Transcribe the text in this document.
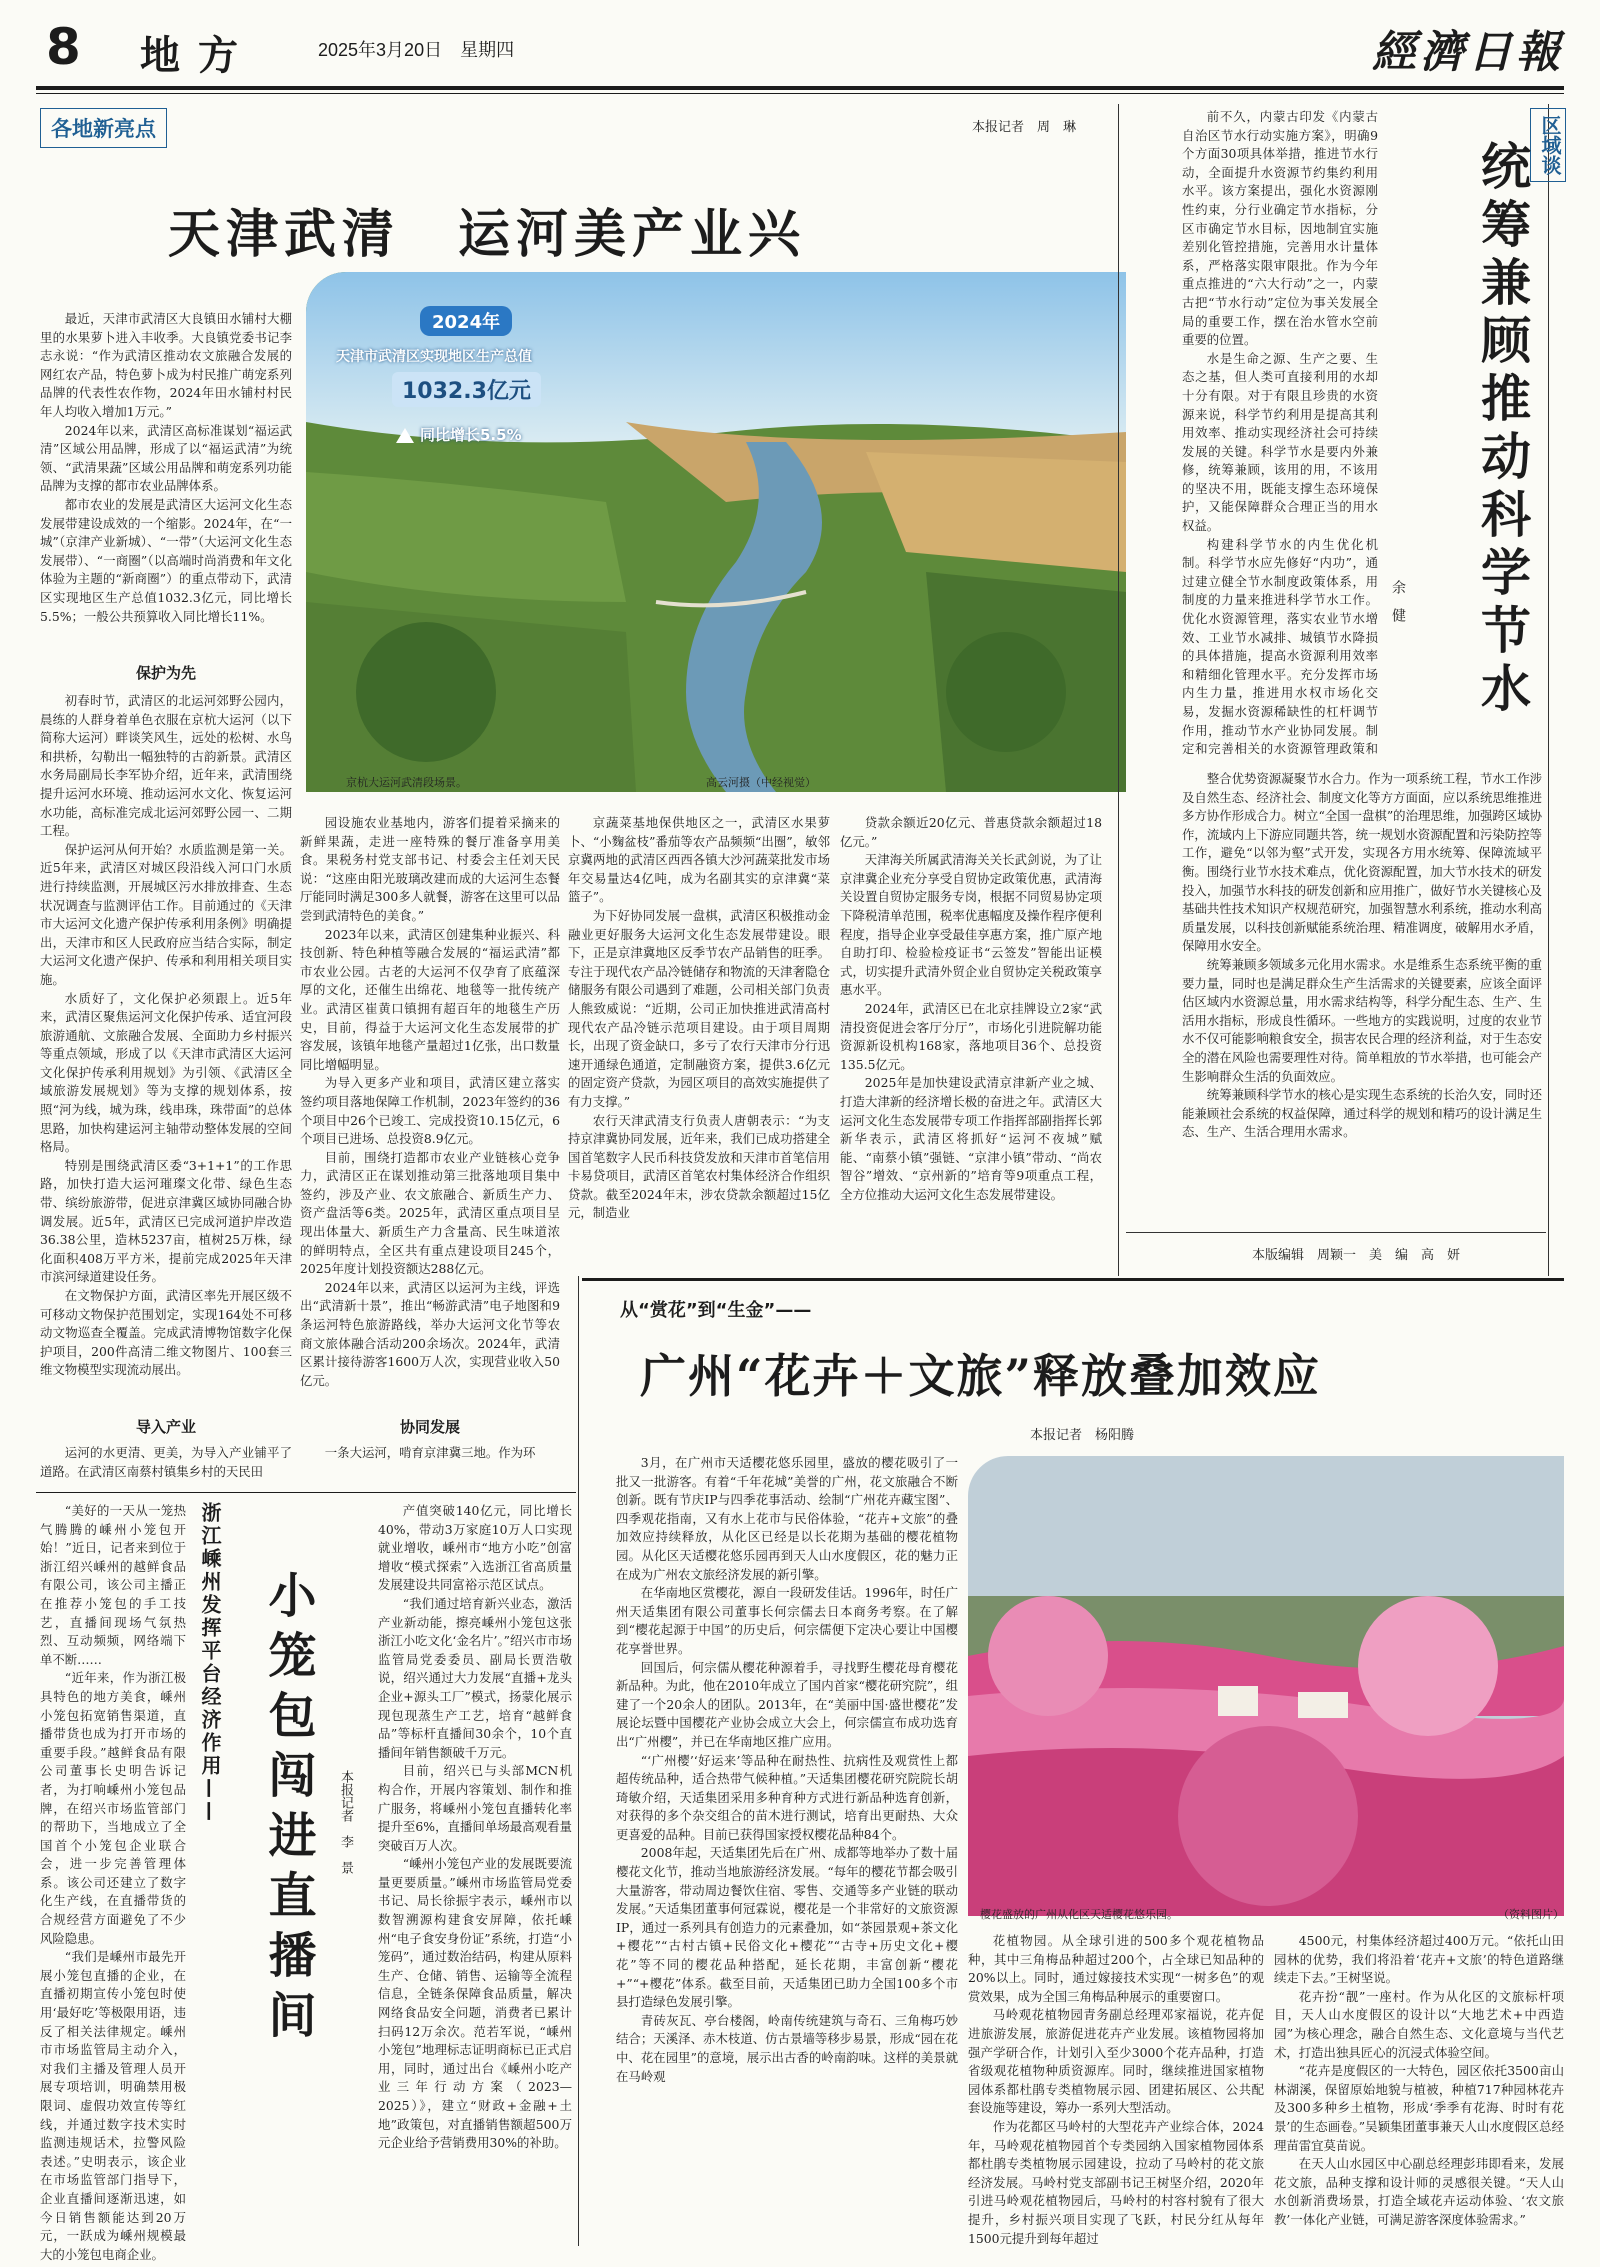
8 地方	2025年3月20日　星期四	經濟日報
各地新亮点	本报记者　周　琳
天津武清　运河美产业兴
2024年
天津市武清区实现地区生产总值
1032.3亿元
同比增长5.5%
京杭大运河武清段场景。	高云河摄（中经视觉）

最近，天津市武清区大良镇田水铺村大棚里的水果萝卜进入丰收季。大良镇党委书记李志永说：“作为武清区推动农文旅融合发展的网红农产品，特色萝卜成为村民推广萌宠系列品牌的代表性农作物，2024年田水铺村村民年人均收入增加1万元。”

2024年以来，武清区高标准谋划“福运武清”区域公用品牌，形成了以“福运武清”为统领、“武清果蔬”区域公用品牌和萌宠系列功能品牌为支撑的都市农业品牌体系。

都市农业的发展是武清区大运河文化生态发展带建设成效的一个缩影。2024年，在“一城”（京津产业新城）、“一带”（大运河文化生态发展带）、“一商圈”（以高端时尚消费和年文化体验为主题的“新商圈”）的重点带动下，武清区实现地区生产总值1032.3亿元，同比增长5.5%；一般公共预算收入同比增长11%。

保护为先

初春时节，武清区的北运河郊野公园内，晨练的人群身着单色衣服在京杭大运河（以下简称大运河）畔谈笑风生，远处的松树、水鸟和拱桥，勾勒出一幅独特的古韵新景。武清区水务局副局长李军协介绍，近年来，武清围绕提升运河水环境、推动运河水文化、恢复运河水功能，高标准完成北运河郊野公园一、二期工程。

保护运河从何开始？水质监测是第一关。近5年来，武清区对城区段沿线入河口门水质进行持续监测，开展城区污水排放排查、生态状况调查与监测评估工作。目前通过的《天津市大运河文化遗产保护传承利用条例》明确提出，天津市和区人民政府应当结合实际，制定大运河文化遗产保护、传承和利用相关项目实施。

水质好了，文化保护必须跟上。近5年来，武清区聚焦运河文化保护传承、适宜河段旅游通航、文旅融合发展、全面助力乡村振兴等重点领域，形成了以《天津市武清区大运河文化保护传承利用规划》为引领、《武清区全域旅游发展规划》等为支撑的规划体系，按照“河为线，城为珠，线串珠，珠带面”的总体思路，加快构建运河主轴带动整体发展的空间格局。

特别是围绕武清区委“3+1+1”的工作思路，加快打造大运河璀璨文化带、绿色生态带、缤纷旅游带，促进京津冀区域协同融合协调发展。近5年，武清区已完成河道护岸改造36.38公里，造林5237亩，植树25万株，绿化面积408万平方米，提前完成2025年天津市滨河绿道建设任务。

在文物保护方面，武清区率先开展区级不可移动文物保护范围划定，实现164处不可移动文物巡查全覆盖。完成武清博物馆数字化保护项目，200件高清二维文物图片、100套三维文物模型实现流动展出。

导入产业

运河的水更清、更美，为导入产业铺平了道路。在武清区南蔡村镇集乡村的天民田

园设施农业基地内，游客们提着采摘来的新鲜果蔬，走进一座特殊的餐厅准备享用美食。果税务村党支部书记、村委会主任刘天民说：“这座由阳光玻璃改建而成的大运河生态餐厅能同时满足300多人就餐，游客在这里可以品尝到武清特色的美食。”

2023年以来，武清区创建集种业振兴、科技创新、特色种植等融合发展的“福运武清”都市农业公园。古老的大运河不仅孕育了底蕴深厚的文化，还催生出绵花、地毯等一批传统产业。武清区崔黄口镇拥有超百年的地毯生产历史，目前，得益于大运河文化生态发展带的扩容发展，该镇年地毯产量超过1亿张，出口数量同比增幅明显。

为导入更多产业和项目，武清区建立落实签约项目落地保障工作机制，2023年签约的36个项目中26个已竣工、完成投资10.15亿元，6个项目已进场、总投资8.9亿元。

目前，围绕打造都市农业产业链核心竞争力，武清区正在谋划推动第三批落地项目集中签约，涉及产业、农文旅融合、新质生产力、资产盘活等6类。2025年，武清区重点项目呈现出体量大、新质生产力含量高、民生味道浓的鲜明特点，全区共有重点建设项目245个，2025年度计划投资额达288亿元。

2024年以来，武清区以运河为主线，评选出“武清新十景”，推出“畅游武清”电子地图和9条运河特色旅游路线，举办大运河文化节等农商文旅体融合活动200余场次。2024年，武清区累计接待游客1600万人次，实现营业收入50亿元。

协同发展

一条大运河，啃育京津冀三地。作为环

京蔬菜基地保供地区之一，武清区水果萝卜、“小麴盆枝”番茄等农产品频频“出圈”，敏邻京冀两地的武清区西西各镇大沙河蔬菜批发市场年交易量达4亿吨，成为名副其实的京津冀“菜篮子”。

为下好协同发展一盘棋，武清区积极推动金融业更好服务大运河文化生态发展带建设。眼下，正是京津冀地区反季节农产品销售的旺季。专注于现代农产品冷链储存和物流的天津奢隐仓储服务有限公司遇到了难题，公司相关部门负责人熊致威说：“近期，公司正加快推进武清高村现代农产品冷链示范项目建设。由于项目周期长，出现了资金缺口，多亏了农行天津市分行迅速开通绿色通道，定制融资方案，提供3.6亿元的固定资产贷款，为园区项目的高效实施提供了有力支撑。”

农行天津武清支行负责人唐朝表示：“为支持京津冀协同发展，近年来，我们已成功搭建全国首笔数字人民币科技贷发放和天津市首笔信用卡易贷项目，武清区首笔农村集体经济合作组织贷款。截至2024年末，涉农贷款余额超过15亿元，制造业

贷款余额近20亿元、普惠贷款余额超过18亿元。”

天津海关所属武清海关关长武剑说，为了让京津冀企业充分享受自贸协定政策优惠，武清海关设置自贸协定服务专岗，根据不同贸易协定项下降税清单范围，税率优惠幅度及操作程序便利程度，指导企业享受最佳享惠方案，推广原产地自助打印、检验检疫证书“云签发”智能出证模式，切实提升武清外贸企业自贸协定关税政策享惠水平。

2024年，武清区已在北京挂牌设立2家“武清投资促进会客厅分厅”，市场化引进院解功能资源新设机构168家，落地项目36个、总投资135.5亿元。

2025年是加快建设武清京津新产业之城、打造大津新的经济增长极的奋进之年。武清区大运河文化生态发展带专项工作指挥部副指挥长郭新华表示，武清区将抓好“运河不夜城”赋能、“南蔡小镇”强链、“京津小镇”带动、“尚农智谷”增效、“京州新的”培育等9项重点工程，全方位推动大运河文化生态发展带建设。

区域谈
统筹兼顾推动科学节水
余　健

前不久，内蒙古印发《内蒙古自治区节水行动实施方案》，明确9个方面30项具体举措，推进节水行动，全面提升水资源节约集约利用水平。该方案提出，强化水资源刚性约束，分行业确定节水指标，分区市确定节水目标，因地制宜实施差别化管控措施，完善用水计量体系，严格落实限审限批。作为今年重点推进的“六大行动”之一，内蒙古把“节水行动”定位为事关发展全局的重要工作，摆在治水管水空前重要的位置。

水是生命之源、生产之要、生态之基，但人类可直接利用的水却十分有限。对于有限且珍贵的水资源来说，科学节约利用是提高其利用效率、推动实现经济社会可持续发展的关键。科学节水是要内外兼修，统筹兼顾，该用的用，不该用的坚决不用，既能支撑生态环境保护，又能保障群众合理正当的用水权益。

构建科学节水的内生优化机制。科学节水应先修好“内功”，通过建立健全节水制度政策体系，用制度的力量来推进科学节水工作。优化水资源管理，落实农业节水增效、工业节水减排、城镇节水降损的具体措施，提高水资源利用效率和精细化管理水平。充分发挥市场内生力量，推进用水权市场化交易，发掘水资源稀缺性的杠杆调节作用，推动节水产业协同发展。制定和完善相关的水资源管理政策和

整合优势资源凝聚节水合力。作为一项系统工程，节水工作涉及自然生态、经济社会、制度文化等方方面面，应以系统思维推进多方协作形成合力。树立“全国一盘棋”的治理思维，加强跨区域协作，流域内上下游应同题共答，统一规划水资源配置和污染防控等工作，避免“以邻为壑”式开发，实现各方用水统筹、保障流域平衡。围绕行业节水技术难点，优化资源配置，加大节水技术的研发投入，加强节水科技的研发创新和应用推广，做好节水关键核心及基础共性技术知识产权规范研究，加强智慧水利系统，推动水利高质量发展，以科技创新赋能系统治理、精准调度，破解用水矛盾，保障用水安全。

统筹兼顾多领域多元化用水需求。水是维系生态系统平衡的重要力量，同时也是满足群众生产生活需求的关键要素，应该全面评估区域内水资源总量，用水需求结构等，科学分配生态、生产、生活用水指标，形成良性循环。一些地方的实践说明，过度的农业节水不仅可能影响粮食安全，损害农民合理的经济利益，对于生态安全的潜在风险也需要理性对待。简单粗放的节水举措，也可能会产生影响群众生活的负面效应。

统筹兼顾科学节水的核心是实现生态系统的长治久安，同时还能兼顾社会系统的权益保障，通过科学的规划和精巧的设计满足生态、生产、生活合理用水需求。

本版编辑　周颖一　美　编　高　妍
浙江嵊州发挥平台经济作用—— 小笼包闯进直播间	本报记者　李　景

“美好的一天从一笼热气腾腾的嵊州小笼包开始！”近日，记者来到位于浙江绍兴嵊州的越鲜食品有限公司，该公司主播正在推荐小笼包的手工技艺，直播间现场气氛热烈、互动频频，网络端下单不断……

“近年来，作为浙江极具特色的地方美食，嵊州小笼包拓宽销售渠道，直播带货也成为打开市场的重要手段。”越鲜食品有限公司董事长史明告诉记者，为打响嵊州小笼包品牌，在绍兴市场监管部门的帮助下，当地成立了全国首个小笼包企业联合会，进一步完善管理体系。该公司还建立了数字化生产线，在直播带货的合规经营方面避免了不少风险隐患。

“我们是嵊州市最先开展小笼包直播的企业，在直播初期宣传小笼包时使用‘最好吃’等极限用语，违反了相关法律规定。嵊州市市场监管局主动介入，对我们主播及管理人员开展专项培训，明确禁用极限词、虚假功效宣传等红线，并通过数字技术实时监测违规话术，拉警风险表述。”史明表示，该企业在市场监管部门指导下，企业直播间逐渐迅速，如今日销售额能达到20万元，一跃成为嵊州规模最大的小笼包电商企业。

产值突破140亿元，同比增长40%，带动3万家庭10万人口实现就业增收，嵊州市“地方小吃”创富增收“模式探索”入选浙江省高质量发展建设共同富裕示范区试点。

“我们通过培育新兴业态，激活产业新动能，擦亮嵊州小笼包这张浙江小吃文化‘金名片’。”绍兴市市场监管局党委委员、副局长贾浩敬说，绍兴通过大力发展“直播+龙头企业+源头工厂”模式，扬蒙化展示现包现蒸生产工艺，培育“越鲜食品”等标杆直播间30余个，10个直播间年销售额破千万元。

目前，绍兴已与头部MCN机构合作，开展内容策划、制作和推广服务，将嵊州小笼包直播转化率提升至6%，直播间单场最高观看量突破百万人次。

“嵊州小笼包产业的发展既要流量更要质量。”嵊州市场监管局党委书记、局长徐振宇表示，嵊州市以数智溯源构建食安屏障，依托嵊州“电子食安身份证”系统，打造“小笼码”，通过数治结码，构建从原料生产、仓储、销售、运输等全流程信息，全链条保障食品质量，解决网络食品安全问题，消费者已累计扫码12万余次。范若军说，“嵊州小笼包”地理标志证明商标已正式启用，同时，通过出台《嵊州小吃产业三年行动方案（2023—2025）》，建立“财政+金融+土地”政策包，对直播销售额超500万元企业给予营销费用30%的补助。

从“赏花”到“生金”——
广州“花卉＋文旅”释放叠加效应
本报记者　杨阳腾
樱花盛放的广州从化区天适樱花悠乐园。	（资料图片）

3月，在广州市天适樱花悠乐园里，盛放的樱花吸引了一批又一批游客。有着“千年花城”美誉的广州，花文旅融合不断创新。既有节庆IP与四季花事活动、绘制“广州花卉藏宝图”、四季观花指南，又有水上花市与民俗体验，“花卉+文旅”的叠加效应持续释放，从化区已经是以长花期为基础的樱花植物园。从化区天适樱花悠乐园再到天人山水度假区，花的魅力正在成为广州农文旅经济发展的新引擎。

在华南地区赏樱花，源自一段研发佳话。1996年，时任广州天适集团有限公司董事长何宗儒去日本商务考察。在了解到“樱花起源于中国”的历史后，何宗儒便下定决心要让中国樱花享誉世界。

回国后，何宗儒从樱花种源着手，寻找野生樱花母育樱花新品种。为此，他在2010年成立了国内首家“樱花研究院”，组建了一个20余人的团队。2013年，在“美丽中国·盛世樱花”发展论坛暨中国樱花产业协会成立大会上，何宗儒宣布成功选育出“广州樱”，并已在华南地区推广应用。

“‘广州樱’‘好运来’等品种在耐热性、抗病性及观赏性上都超传统品种，适合热带气候种植。”天适集团樱花研究院院长胡琦敏介绍，天适集团采用多种育种方式进行新品种选育创新，对获得的多个杂交组合的苗木进行测试，培育出更耐热、大众更喜爱的品种。目前已获得国家授权樱花品种84个。

2008年起，天适集团先后在广州、成都等地举办了数十届樱花文化节，推动当地旅游经济发展。“每年的樱花节都会吸引大量游客，带动周边餐饮住宿、零售、交通等多产业链的联动发展。”天适集团董事何冠霖说，樱花是一个非常好的文旅资源IP，通过一系列具有创造力的元素叠加，如“茶园景观+茶文化+樱花”“古村古镇+民俗文化+樱花”“古寺+历史文化+樱花”等不同的樱花品种搭配，延长花期，丰富创新“樱花+”“+樱花”体系。截至目前，天适集团已助力全国100多个市县打造绿色发展引擎。

青砖灰瓦、亭台楼阁，岭南传统建筑与奇石、三角梅巧妙结合；天溪泽、赤木枝道、仿古景墙等移步易景，形成“园在花中、花在园里”的意境，展示出古香的岭南韵味。这样的美景就在马岭观

花植物园。从全球引进的500多个观花植物品种，其中三角梅品种超过200个，占全球已知品种的20%以上。同时，通过嫁接技术实现“一树多色”的观赏效果，成为全国三角梅品种展示的重要窗口。

马岭观花植物园青务副总经理邓家福说，花卉促进旅游发展，旅游促进花卉产业发展。该植物园将加强产学研合作，计划引入至少3000个花卉品种，打造省级观花植物种质资源库。同时，继续推进国家植物园体系都杜鹃专类植物展示园、团建拓展区、公共配套设施等建设，筹办一系列大型活动。

作为花都区马岭村的大型花卉产业综合体，2024年，马岭观花植物园首个专类园纳入国家植物园体系都杜鹃专类植物展示园建设，拉动了马岭村的花文旅经济发展。马岭村党支部副书记王树坚介绍，2020年引进马岭观花植物园后，马岭村的村容村貌有了很大提升，乡村振兴项目实现了飞跃，村民分红从每年1500元提升到每年超过

4500元，村集体经济超过400万元。“依托山田园林的优势，我们将沿着‘花卉+文旅’的特色道路继续走下去。”王树坚说。

花卉扮“靓”一座村。作为从化区的文旅标杆项目，天人山水度假区的设计以“大地艺术+中西造园”为核心理念，融合自然生态、文化意境与当代艺术，打造出独具匠心的沉浸式体验空间。

“花卉是度假区的一大特色，园区依托3500亩山林湖溪，保留原始地貌与植被，种植717种园林花卉及300多种乡土植物，形成‘季季有花海、时时有花景’的生态画卷。”吴颖集团董事兼天人山水度假区总经理苗雷宜莫苗说。

在天人山水园区中心副总经理彭玮即看来，发展花文旅，品种支撑和设计师的灵感很关键。“天人山水创新消费场景，打造全域花卉运动体验、‘农文旅教’一体化产业链，可满足游客深度体验需求。”
